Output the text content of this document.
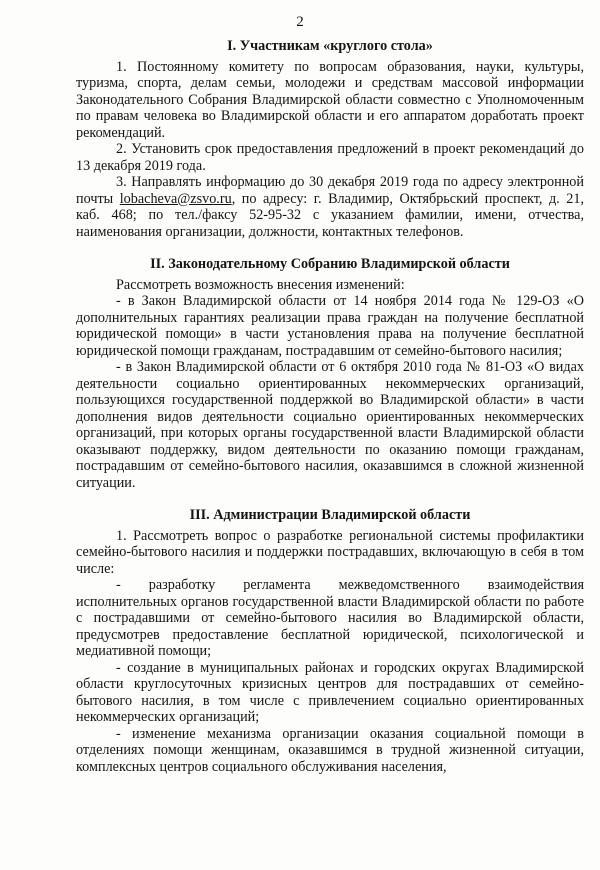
2
I. Участникам «круглого стола»

1. Постоянному комитету по вопросам образования, науки, культуры, туризма, спорта, делам семьи, молодежи и средствам массовой информации Законодательного Собрания Владимирской области совместно с Уполномоченным по правам человека во Владимирской области и его аппаратом доработать проект рекомендаций.

2. Установить срок предоставления предложений в проект рекомендаций до 13 декабря 2019 года.

3. Направлять информацию до 30 декабря 2019 года по адресу электронной почты lobacheva@zsvo.ru, по адресу: г. Владимир, Октябрьский проспект, д. 21, каб. 468; по тел./факсу 52-95-32 с указанием фамилии, имени, отчества, наименования организации, должности, контактных телефонов.

II. Законодательному Собранию Владимирской области

Рассмотреть возможность внесения изменений:

- в Закон Владимирской области от 14 ноября 2014 года № 129-ОЗ «О дополнительных гарантиях реализации права граждан на получение бесплатной юридической помощи» в части установления права на получение бесплатной юридической помощи гражданам, пострадавшим от семейно-бытового насилия;

- в Закон Владимирской области от 6 октября 2010 года № 81-ОЗ «О видах деятельности социально ориентированных некоммерческих организаций, пользующихся государственной поддержкой во Владимирской области» в части дополнения видов деятельности социально ориентированных некоммерческих организаций, при которых органы государственной власти Владимирской области оказывают поддержку, видом деятельности по оказанию помощи гражданам, пострадавшим от семейно-бытового насилия, оказавшимся в сложной жизненной ситуации.

III. Администрации Владимирской области

1. Рассмотреть вопрос о разработке региональной системы профилактики семейно-бытового насилия и поддержки пострадавших, включающую в себя в том числе:

- разработку регламента межведомственного взаимодействия исполнительных органов государственной власти Владимирской области по работе с пострадавшими от семейно-бытового насилия во Владимирской области, предусмотрев предоставление бесплатной юридической, психологической и медиативной помощи;

- создание в муниципальных районах и городских округах Владимирской области круглосуточных кризисных центров для пострадавших от семейно-бытового насилия, в том числе с привлечением социально ориентированных некоммерческих организаций;

- изменение механизма организации оказания социальной помощи в отделениях помощи женщинам, оказавшимся в трудной жизненной ситуации, комплексных центров социального обслуживания населения,
